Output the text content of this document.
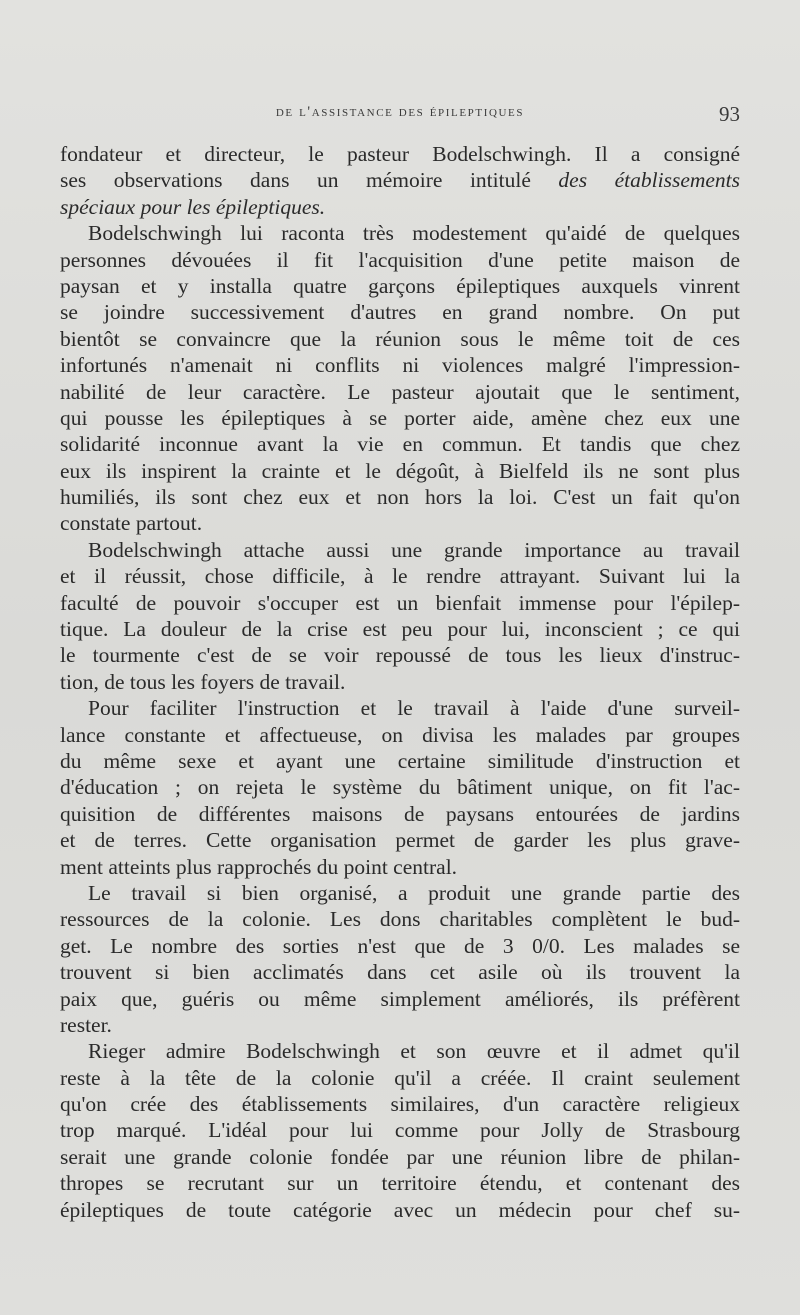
de l'assistance des épileptiques	93
fondateur et directeur, le pasteur Bodelschwingh. Il a consigné
ses observations dans un mémoire intitulé des établissements
spéciaux pour les épileptiques.
Bodelschwingh lui raconta très modestement qu'aidé de quelques
personnes dévouées il fit l'acquisition d'une petite maison de
paysan et y installa quatre garçons épileptiques auxquels vinrent
se joindre successivement d'autres en grand nombre. On put
bientôt se convaincre que la réunion sous le même toit de ces
infortunés n'amenait ni conflits ni violences malgré l'impression-
nabilité de leur caractère. Le pasteur ajoutait que le sentiment,
qui pousse les épileptiques à se porter aide, amène chez eux une
solidarité inconnue avant la vie en commun. Et tandis que chez
eux ils inspirent la crainte et le dégoût, à Bielfeld ils ne sont plus
humiliés, ils sont chez eux et non hors la loi. C'est un fait qu'on
constate partout.
Bodelschwingh attache aussi une grande importance au travail
et il réussit, chose difficile, à le rendre attrayant. Suivant lui la
faculté de pouvoir s'occuper est un bienfait immense pour l'épilep-
tique. La douleur de la crise est peu pour lui, inconscient ; ce qui
le tourmente c'est de se voir repoussé de tous les lieux d'instruc-
tion, de tous les foyers de travail.
Pour faciliter l'instruction et le travail à l'aide d'une surveil-
lance constante et affectueuse, on divisa les malades par groupes
du même sexe et ayant une certaine similitude d'instruction et
d'éducation ; on rejeta le système du bâtiment unique, on fit l'ac-
quisition de différentes maisons de paysans entourées de jardins
et de terres. Cette organisation permet de garder les plus grave-
ment atteints plus rapprochés du point central.
Le travail si bien organisé, a produit une grande partie des
ressources de la colonie. Les dons charitables complètent le bud-
get. Le nombre des sorties n'est que de 3 0/0. Les malades se
trouvent si bien acclimatés dans cet asile où ils trouvent la
paix que, guéris ou même simplement améliorés, ils préfèrent
rester.
Rieger admire Bodelschwingh et son œuvre et il admet qu'il
reste à la tête de la colonie qu'il a créée. Il craint seulement
qu'on crée des établissements similaires, d'un caractère religieux
trop marqué. L'idéal pour lui comme pour Jolly de Strasbourg
serait une grande colonie fondée par une réunion libre de philan-
thropes se recrutant sur un territoire étendu, et contenant des
épileptiques de toute catégorie avec un médecin pour chef su-
